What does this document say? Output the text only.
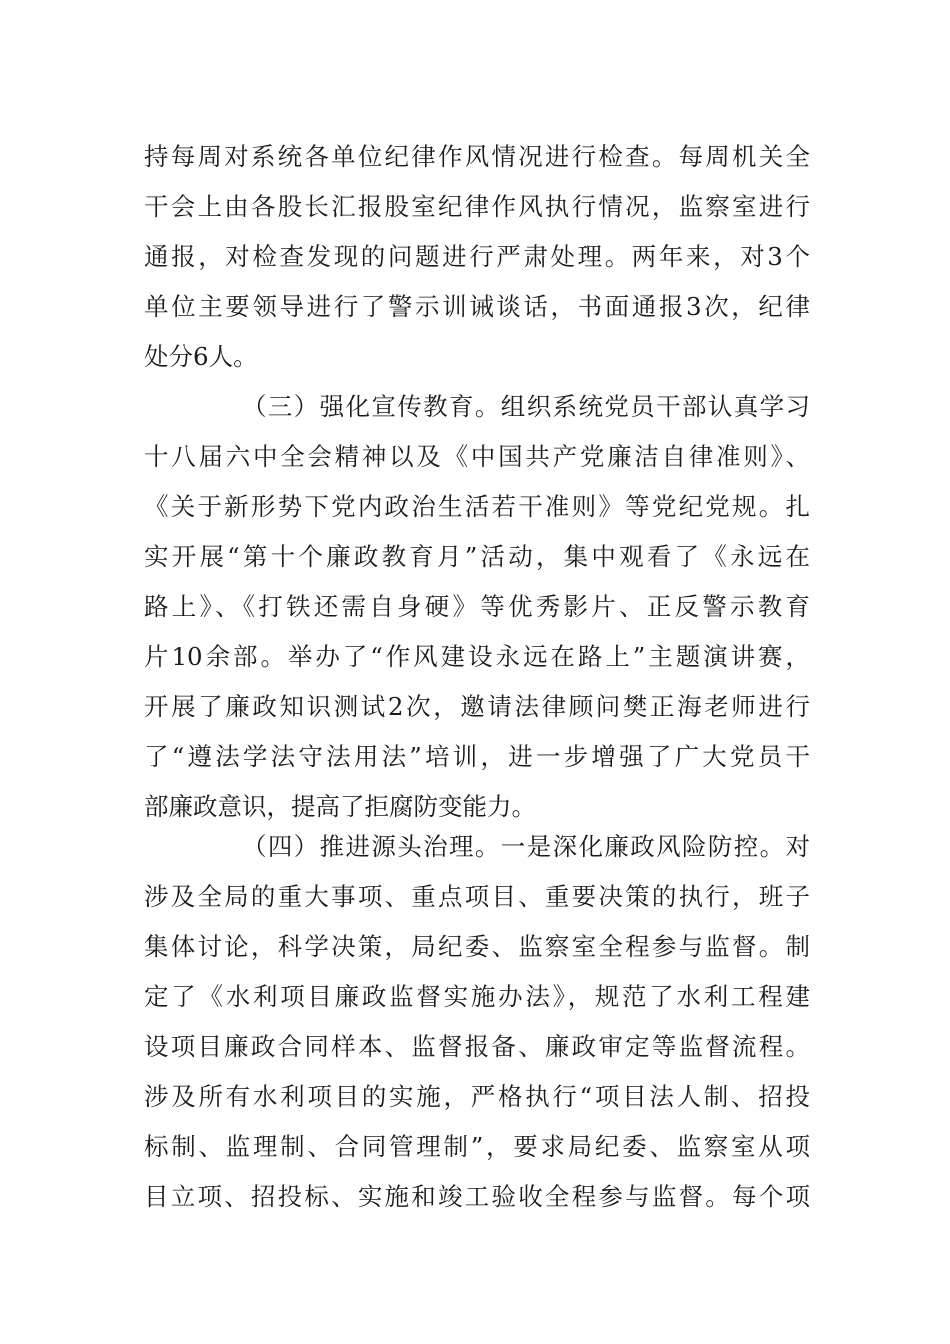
持每周对系统各单位纪律作风情况进行检查。每周机关全
干会上由各股长汇报股室纪律作风执行情况，监察室进行
通报，对检查发现的问题进行严肃处理。两年来，对3个
单位主要领导进行了警示训诫谈话，书面通报3次，纪律
处分6人。
（三）强化宣传教育。组织系统党员干部认真学习
十八届六中全会精神以及《中国共产党廉洁自律准则》、
《关于新形势下党内政治生活若干准则》等党纪党规。扎
实开展“第十个廉政教育月”活动，集中观看了《永远在
路上》、《打铁还需自身硬》等优秀影片、正反警示教育
片10余部。举办了“作风建设永远在路上”主题演讲赛，
开展了廉政知识测试2次，邀请法律顾问樊正海老师进行
了“遵法学法守法用法”培训，进一步增强了广大党员干
部廉政意识，提高了拒腐防变能力。
（四）推进源头治理。一是深化廉政风险防控。对
涉及全局的重大事项、重点项目、重要决策的执行，班子
集体讨论，科学决策，局纪委、监察室全程参与监督。制
定了《水利项目廉政监督实施办法》，规范了水利工程建
设项目廉政合同样本、监督报备、廉政审定等监督流程。
涉及所有水利项目的实施，严格执行“项目法人制、招投
标制、监理制、合同管理制”，要求局纪委、监察室从项
目立项、招投标、实施和竣工验收全程参与监督。每个项
